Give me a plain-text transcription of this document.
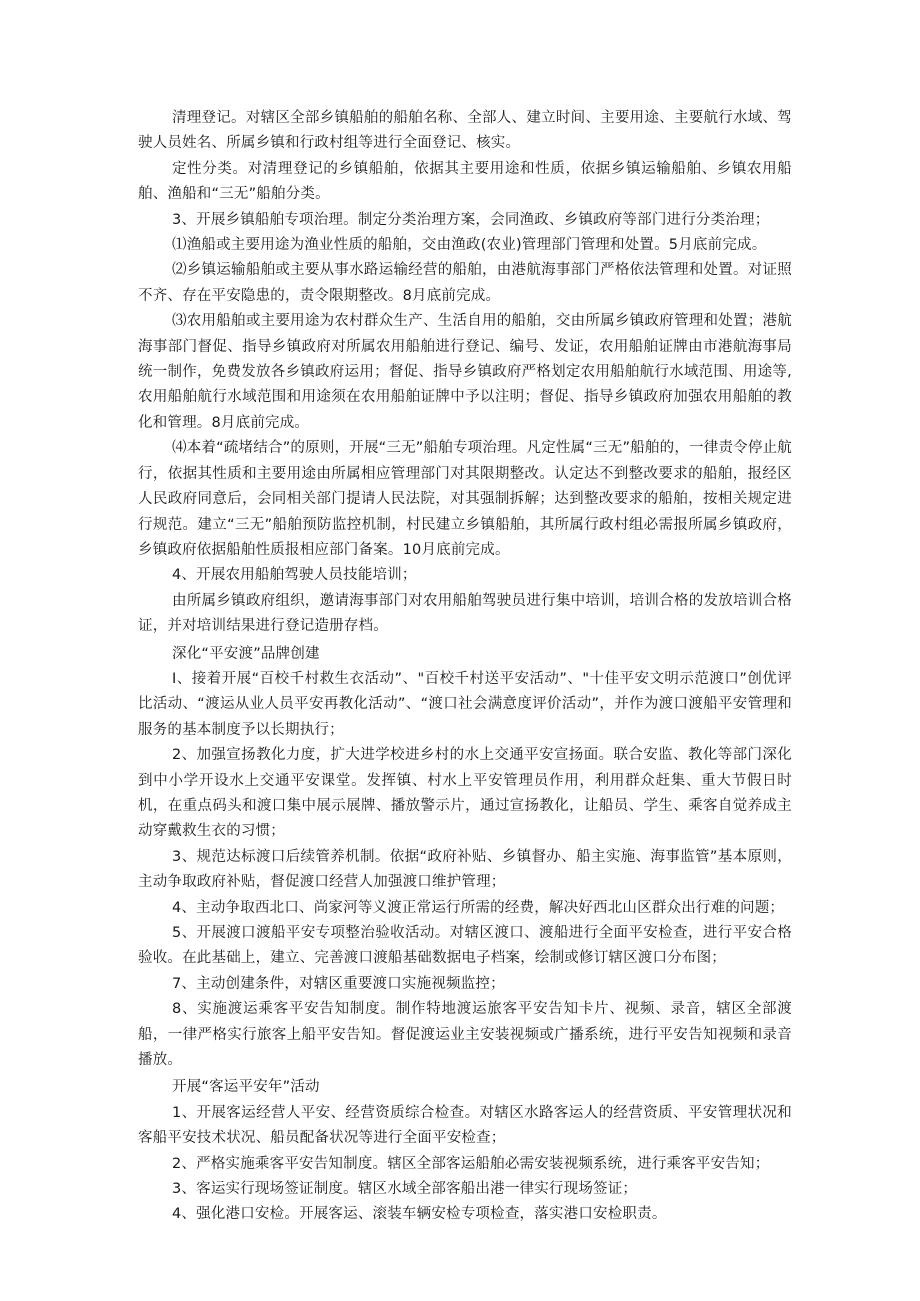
清理登记。对辖区全部乡镇船舶的船舶名称、全部人、建立时间、主要用途、主要航行水域、驾驶人员姓名、所属乡镇和行政村组等进行全面登记、核实。

定性分类。对清理登记的乡镇船舶，依据其主要用途和性质，依据乡镇运输船舶、乡镇农用船舶、渔船和“三无”船舶分类。

3、开展乡镇船舶专项治理。制定分类治理方案，会同渔政、乡镇政府等部门进行分类治理；

⑴渔船或主要用途为渔业性质的船舶，交由渔政(农业)管理部门管理和处置。5月底前完成。

⑵乡镇运输船舶或主要从事水路运输经营的船舶，由港航海事部门严格依法管理和处置。对证照不齐、存在平安隐患的，责令限期整改。8月底前完成。

⑶农用船舶或主要用途为农村群众生产、生活自用的船舶，交由所属乡镇政府管理和处置；港航海事部门督促、指导乡镇政府对所属农用船舶进行登记、编号、发证，农用船舶证牌由市港航海事局统一制作，免费发放各乡镇政府运用；督促、指导乡镇政府严格划定农用船舶航行水域范围、用途等,农用船舶航行水域范围和用途须在农用船舶证牌中予以注明；督促、指导乡镇政府加强农用船舶的教化和管理。8月底前完成。

⑷本着“疏堵结合”的原则，开展“三无”船舶专项治理。凡定性属“三无”船舶的，一律责令停止航行，依据其性质和主要用途由所属相应管理部门对其限期整改。认定达不到整改要求的船舶，报经区人民政府同意后，会同相关部门提请人民法院，对其强制拆解；达到整改要求的船舶，按相关规定进行规范。建立“三无”船舶预防监控机制，村民建立乡镇船舶，其所属行政村组必需报所属乡镇政府，乡镇政府依据船舶性质报相应部门备案。10月底前完成。

4、开展农用船舶驾驶人员技能培训；

由所属乡镇政府组织，邀请海事部门对农用船舶驾驶员进行集中培训，培训合格的发放培训合格证，并对培训结果进行登记造册存档。

深化“平安渡”品牌创建

I、接着开展“百校千村救生衣活动”、"百校千村送平安活动”、"十佳平安文明示范渡口”创优评比活动、“渡运从业人员平安再教化活动”、“渡口社会满意度评价活动”，并作为渡口渡船平安管理和服务的基本制度予以长期执行；

2、加强宣扬教化力度，扩大进学校进乡村的水上交通平安宣扬面。联合安监、教化等部门深化到中小学开设水上交通平安课堂。发挥镇、村水上平安管理员作用，利用群众赶集、重大节假日时机，在重点码头和渡口集中展示展牌、播放警示片，通过宣扬教化，让船员、学生、乘客自觉养成主动穿戴救生衣的习惯；

3、规范达标渡口后续管养机制。依据“政府补贴、乡镇督办、船主实施、海事监管”基本原则，主动争取政府补贴，督促渡口经营人加强渡口维护管理；

4、主动争取西北口、尚家河等义渡正常运行所需的经费，解决好西北山区群众出行难的问题；

5、开展渡口渡船平安专项整治验收活动。对辖区渡口、渡船进行全面平安检查，进行平安合格验收。在此基础上，建立、完善渡口渡船基础数据电子档案，绘制或修订辖区渡口分布图；

7、主动创建条件，对辖区重要渡口实施视频监控；

8、实施渡运乘客平安告知制度。制作特地渡运旅客平安告知卡片、视频、录音，辖区全部渡船，一律严格实行旅客上船平安告知。督促渡运业主安装视频或广播系统，进行平安告知视频和录音播放。

开展“客运平安年”活动

1、开展客运经营人平安、经营资质综合检查。对辖区水路客运人的经营资质、平安管理状况和客船平安技术状况、船员配备状况等进行全面平安检查；

2、严格实施乘客平安告知制度。辖区全部客运船舶必需安装视频系统，进行乘客平安告知；

3、客运实行现场签证制度。辖区水域全部客船出港一律实行现场签证；

4、强化港口安检。开展客运、滚装车辆安检专项检查，落实港口安检职责。
